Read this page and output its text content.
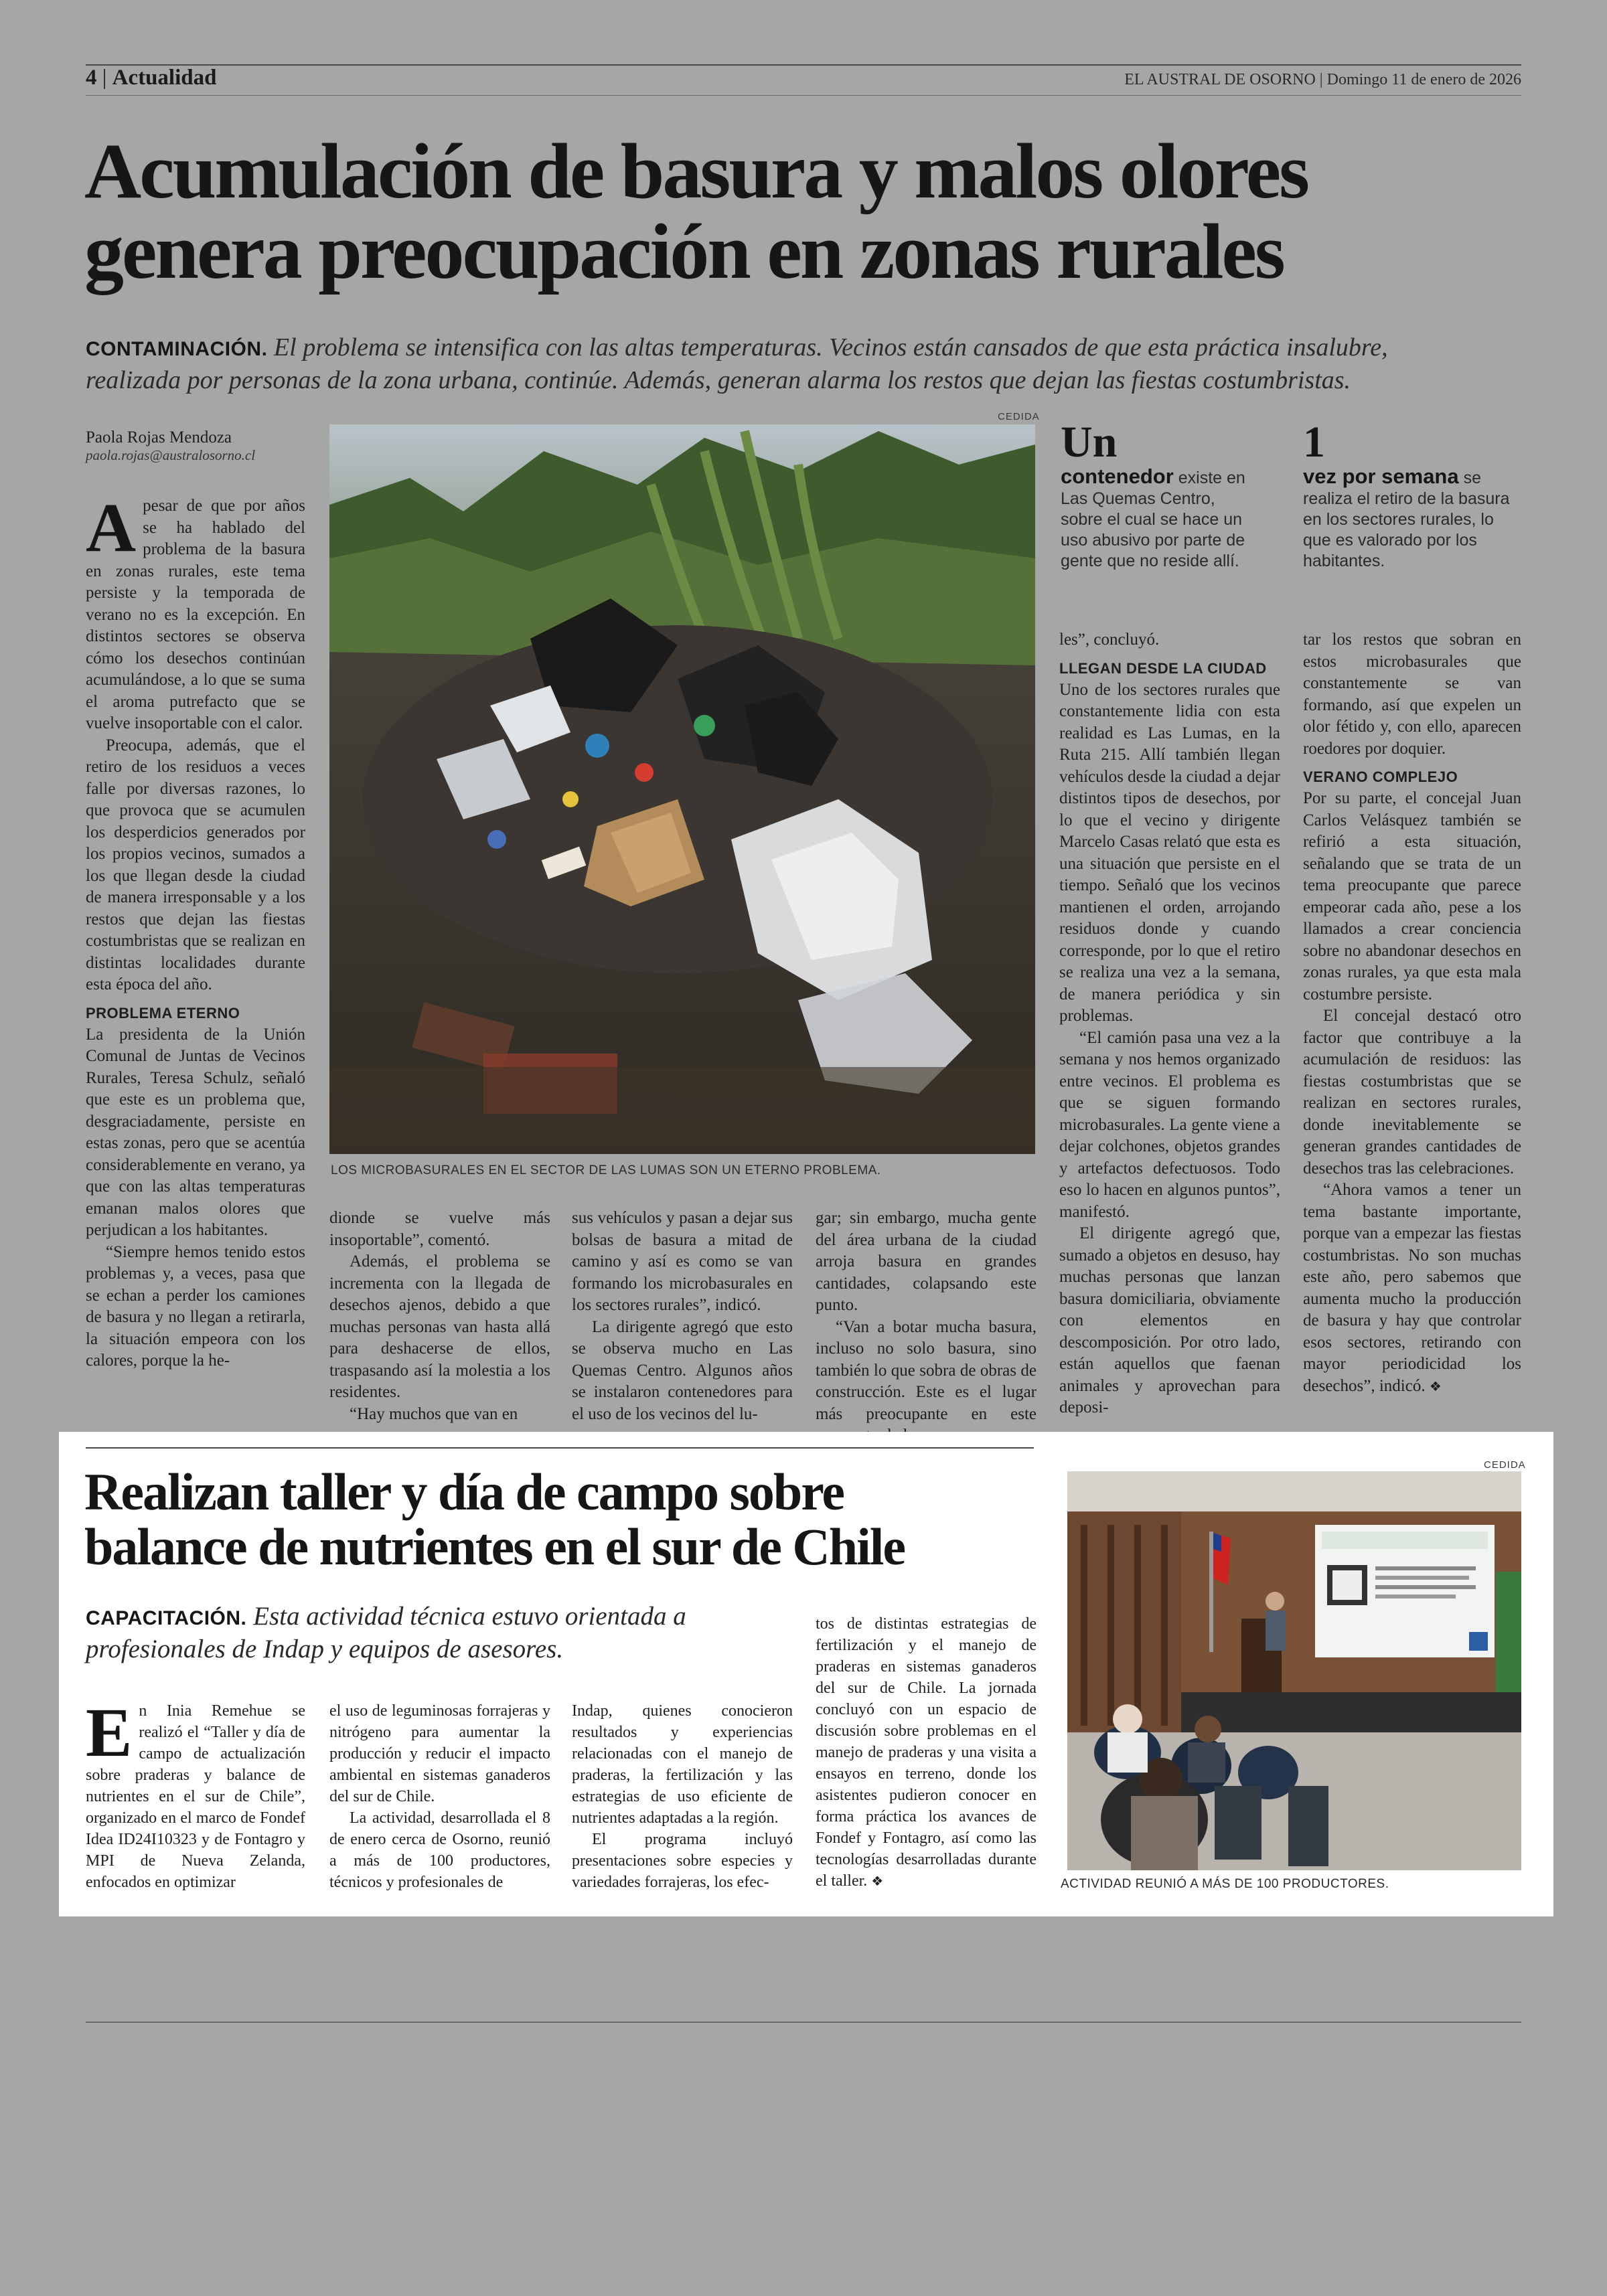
4 | Actualidad	EL AUSTRAL DE OSORNO | Domingo 11 de enero de 2026
Acumulación de basura y malos olores
genera preocupación en zonas rurales
CONTAMINACIÓN. El problema se intensifica con las altas temperaturas. Vecinos están cansados de que esta práctica insalubre, realizada por personas de la zona urbana, continúe. Además, generan alarma los restos que dejan las fiestas costumbristas.
Paola Rojas Mendoza
paola.rojas@australosorno.cl
CEDIDA
LOS MICROBASURALES EN EL SECTOR DE LAS LUMAS SON UN ETERNO PROBLEMA.
Un
contenedor existe en Las Quemas Centro, sobre el cual se hace un uso abusivo por parte de gente que no reside allí.
1
vez por semana se realiza el retiro de la basura en los sectores rurales, lo que es valorado por los habitantes.

Apesar de que por años se ha hablado del problema de la basura en zonas rurales, este tema persiste y la temporada de verano no es la excepción. En distintos sectores se observa cómo los desechos continúan acumulándose, a lo que se suma el aroma putrefacto que se vuelve insoportable con el calor.

Preocupa, además, que el retiro de los residuos a veces falle por diversas razones, lo que provoca que se acumulen los desperdicios generados por los propios vecinos, sumados a los que llegan desde la ciudad de manera irresponsable y a los restos que dejan las fiestas costumbristas que se realizan en distintas localidades durante esta época del año.

PROBLEMA ETERNO

La presidenta de la Unión Comunal de Juntas de Vecinos Rurales, Teresa Schulz, señaló que este es un problema que, desgraciadamente, persiste en estas zonas, pero que se acentúa considerablemente en verano, ya que con las altas temperaturas emanan malos olores que perjudican a los habitantes.

“Siempre hemos tenido estos problemas y, a veces, pasa que se echan a perder los camiones de basura y no llegan a retirarla, la situación empeora con los calores, porque la he-

dionde se vuelve más insoportable”, comentó.

Además, el problema se incrementa con la llegada de desechos ajenos, debido a que muchas personas van hasta allá para deshacerse de ellos, traspasando así la molestia a los residentes.

“Hay muchos que van en

sus vehículos y pasan a dejar sus bolsas de basura a mitad de camino y así es como se van formando los microbasurales en los sectores rurales”, indicó.

La dirigente agregó que esto se observa mucho en Las Quemas Centro. Algunos años se instalaron contenedores para el uso de los vecinos del lu-

gar; sin embargo, mucha gente del área urbana de la ciudad arroja basura en grandes cantidades, colapsando este punto.

“Van a botar mucha basura, incluso no solo basura, sino también lo que sobra de obras de construcción. Este es el lugar más preocupante en este

les”, concluyó.

LLEGAN DESDE LA CIUDAD

Uno de los sectores rurales que constantemente lidia con esta realidad es Las Lumas, en la Ruta 215. Allí también llegan vehículos desde la ciudad a dejar distintos tipos de desechos, por lo que el vecino y dirigente Marcelo Casas relató que esta es una situación que persiste en el tiempo. Señaló que los vecinos mantienen el orden, arrojando residuos donde y cuando corresponde, por lo que el retiro se realiza una vez a la semana, de manera periódica y sin problemas.

“El camión pasa una vez a la semana y nos hemos organizado entre vecinos. El problema es que se siguen formando microbasurales. La gente viene a dejar colchones, objetos grandes y artefactos defectuosos. Todo eso lo hacen en algunos puntos”, manifestó.

El dirigente agregó que, sumado a objetos en desuso, hay muchas personas que lanzan basura domiciliaria, obviamente con elementos en descomposición. Por otro lado, están aquellos que faenan animales y aprovechan para deposi-

tar los restos que sobran en estos microbasurales que constantemente se van formando, así que expelen un olor fétido y, con ello, aparecen roedores por doquier.

VERANO COMPLEJO

Por su parte, el concejal Juan Carlos Velásquez también se refirió a esta situación, señalando que se trata de un tema preocupante que parece empeorar cada año, pese a los llamados a crear conciencia sobre no abandonar desechos en zonas rurales, ya que esta mala costumbre persiste.

El concejal destacó otro factor que contribuye a la acumulación de residuos: las fiestas costumbristas que se realizan en sectores rurales, donde inevitablemente se generan grandes cantidades de desechos tras las celebraciones.

“Ahora vamos a tener un tema bastante importante, porque van a empezar las fiestas costumbristas. No son muchas este año, pero sabemos que aumenta mucho la producción de basura y hay que controlar esos sectores, retirando con mayor periodicidad los desechos”, indicó. ❖

Realizan taller y día de campo sobre
balance de nutrientes en el sur de Chile
CAPACITACIÓN. Esta actividad técnica estuvo orientada a profesionales de Indap y equipos de asesores.

En Inia Remehue se realizó el “Taller y día de campo de actualización sobre praderas y balance de nutrientes en el sur de Chile”, organizado en el marco de Fondef Idea ID24I10323 y de Fontagro y MPI de Nueva Zelanda, enfocados en optimizar

el uso de leguminosas forrajeras y nitrógeno para aumentar la producción y reducir el impacto ambiental en sistemas ganaderos del sur de Chile.

La actividad, desarrollada el 8 de enero cerca de Osorno, reunió a más de 100 productores, técnicos y profesionales de

Indap, quienes conocieron resultados y experiencias relacionadas con el manejo de praderas, la fertilización y las estrategias de uso eficiente de nutrientes adaptadas a la región.

El programa incluyó presentaciones sobre especies y variedades forrajeras, los efec-

tos de distintas estrategias de fertilización y el manejo de praderas en sistemas ganaderos del sur de Chile. La jornada concluyó con un espacio de discusión sobre problemas en el manejo de praderas y una visita a ensayos en terreno, donde los asistentes pudieron conocer en forma práctica los avances de Fondef y Fontagro, así como las tecnologías desarrolladas durante el taller. ❖

CEDIDA
ACTIVIDAD REUNIÓ A MÁS DE 100 PRODUCTORES.
